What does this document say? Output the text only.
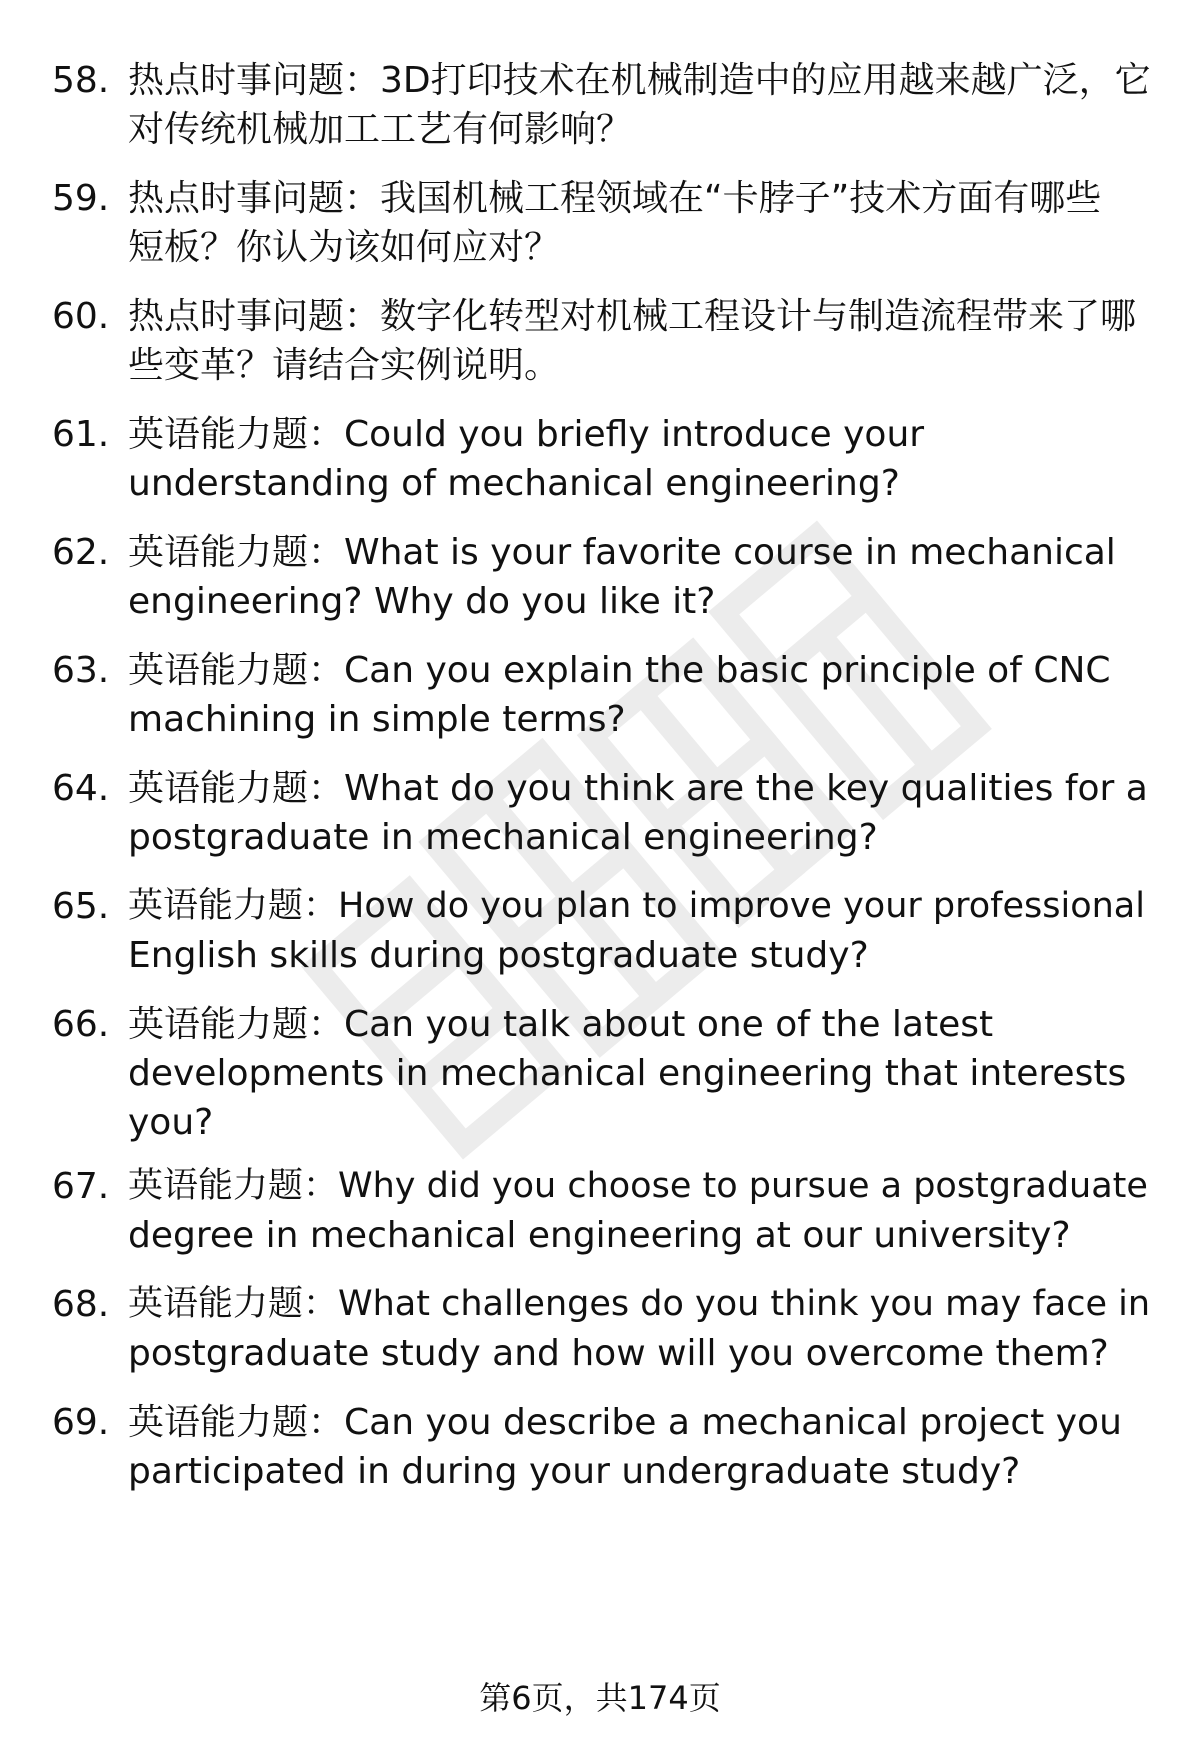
58. 热点时事问题：3D打印技术在机械制造中的应用越来越广泛，它
对传统机械加工工艺有何影响？
59. 热点时事问题：我国机械工程领域在“卡脖子”技术方面有哪些
短板？你认为该如何应对？
60. 热点时事问题：数字化转型对机械工程设计与制造流程带来了哪
些变革？请结合实例说明。
61. 英语能力题：Could you briefly introduce your
understanding of mechanical engineering?
62. 英语能力题：What is your favorite course in mechanical
engineering? Why do you like it?
63. 英语能力题：Can you explain the basic principle of CNC
machining in simple terms?
64. 英语能力题：What do you think are the key qualities for a
postgraduate in mechanical engineering?
65. 英语能力题：How do you plan to improve your professional
English skills during postgraduate study?
66. 英语能力题：Can you talk about one of the latest
developments in mechanical engineering that interests
you?
67. 英语能力题：Why did you choose to pursue a postgraduate
degree in mechanical engineering at our university?
68. 英语能力题：What challenges do you think you may face in
postgraduate study and how will you overcome them?
69. 英语能力题：Can you describe a mechanical project you
participated in during your undergraduate study?
第6页，共174页
